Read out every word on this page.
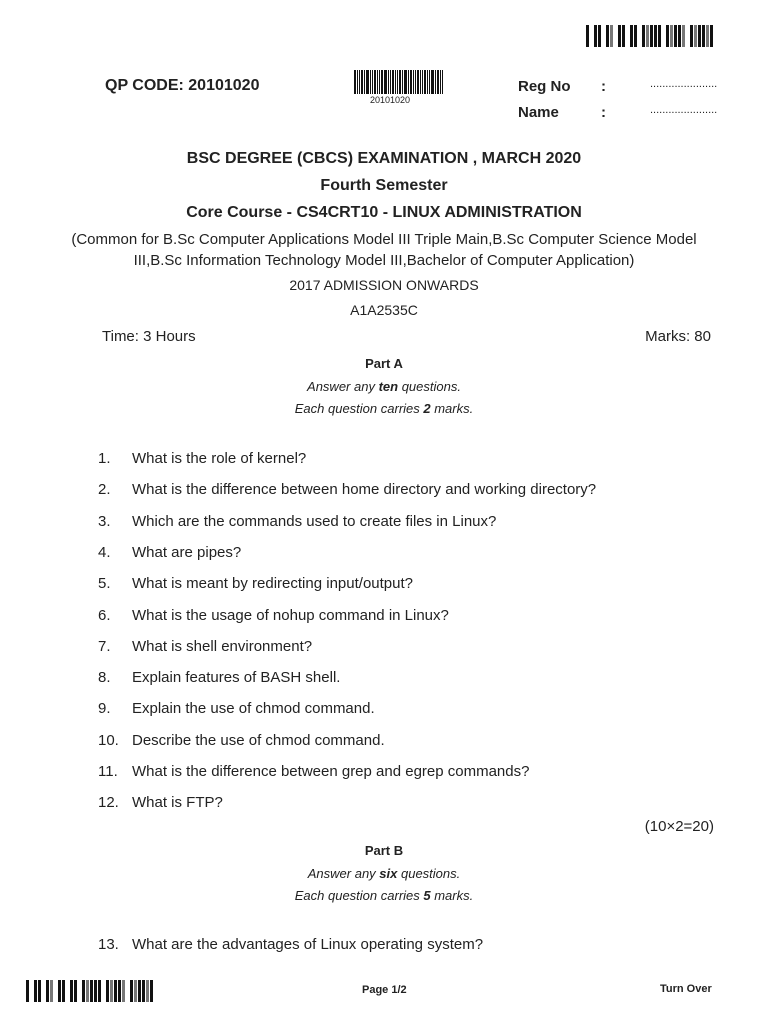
QP CODE: 20101020
20101020
Reg No :	......................
Name	:	......................
BSC DEGREE (CBCS) EXAMINATION , MARCH 2020
Fourth Semester
Core Course - CS4CRT10 - LINUX ADMINISTRATION
(Common for B.Sc Computer Applications Model III Triple Main,B.Sc Computer Science Model
III,B.Sc Information Technology Model III,Bachelor of Computer Application)
2017 ADMISSION ONWARDS
A1A2535C
Time: 3 Hours	Marks: 80
Part A
Answer any ten questions.
Each question carries 2 marks.
1. What is the role of kernel?
2. What is the difference between home directory and working directory?
3. Which are the commands used to create files in Linux?
4. What are pipes?
5. What is meant by redirecting input/output?
6. What is the usage of nohup command in Linux?
7. What is shell environment?
8. Explain features of BASH shell.
9. Explain the use of chmod command.
10. Describe the use of chmod command.
11. What is the difference between grep and egrep commands?
12. What is FTP?
(10×2=20)
Part B
Answer any six questions.
Each question carries 5 marks.
13. What are the advantages of Linux operating system?
Page 1/2	Turn Over
